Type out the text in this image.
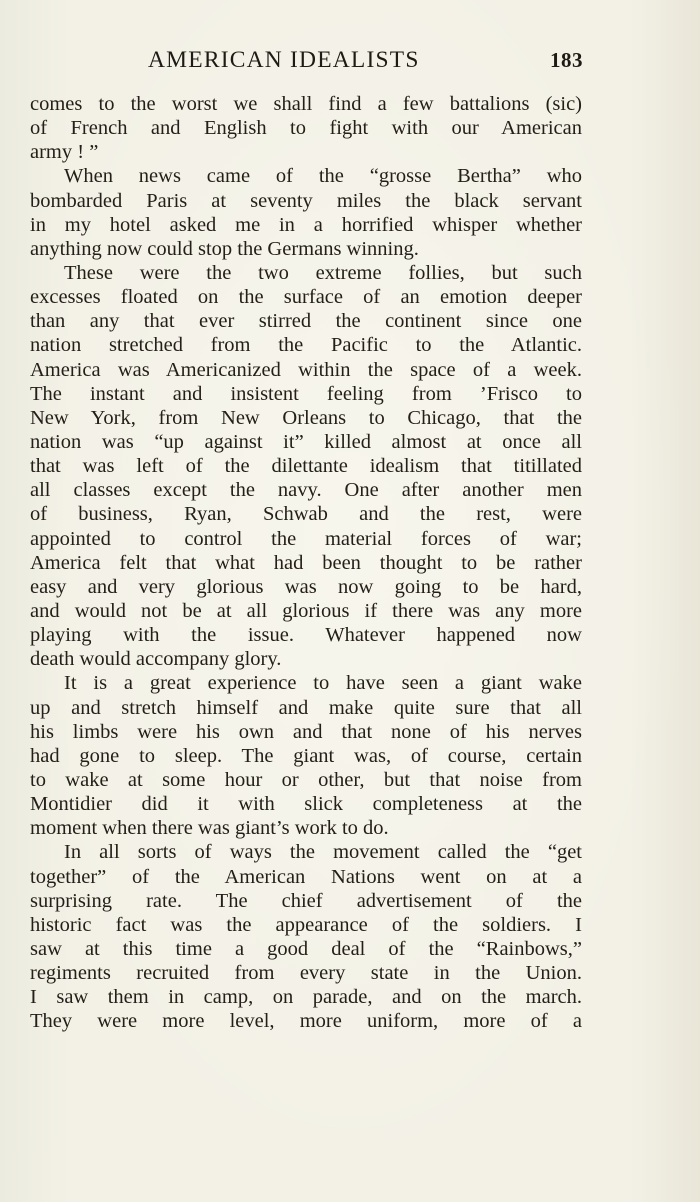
AMERICAN IDEALISTS	183
comes to the worst we shall find a few battalions (sic)
of French and English to fight with our American
army ! ”
When news came of the “grosse Bertha” who
bombarded Paris at seventy miles the black servant
in my hotel asked me in a horrified whisper whether
anything now could stop the Germans winning.
These were the two extreme follies, but such
excesses floated on the surface of an emotion deeper
than any that ever stirred the continent since one
nation stretched from the Pacific to the Atlantic.
America was Americanized within the space of a week.
The instant and insistent feeling from ’Frisco to
New York, from New Orleans to Chicago, that the
nation was “up against it” killed almost at once all
that was left of the dilettante idealism that titillated
all classes except the navy. One after another men
of business, Ryan, Schwab and the rest, were
appointed to control the material forces of war;
America felt that what had been thought to be rather
easy and very glorious was now going to be hard,
and would not be at all glorious if there was any more
playing with the issue. Whatever happened now
death would accompany glory.
It is a great experience to have seen a giant wake
up and stretch himself and make quite sure that all
his limbs were his own and that none of his nerves
had gone to sleep. The giant was, of course, certain
to wake at some hour or other, but that noise from
Montidier did it with slick completeness at the
moment when there was giant’s work to do.
In all sorts of ways the movement called the “get
together” of the American Nations went on at a
surprising rate. The chief advertisement of the
historic fact was the appearance of the soldiers. I
saw at this time a good deal of the “Rainbows,”
regiments recruited from every state in the Union.
I saw them in camp, on parade, and on the march.
They were more level, more uniform, more of a
